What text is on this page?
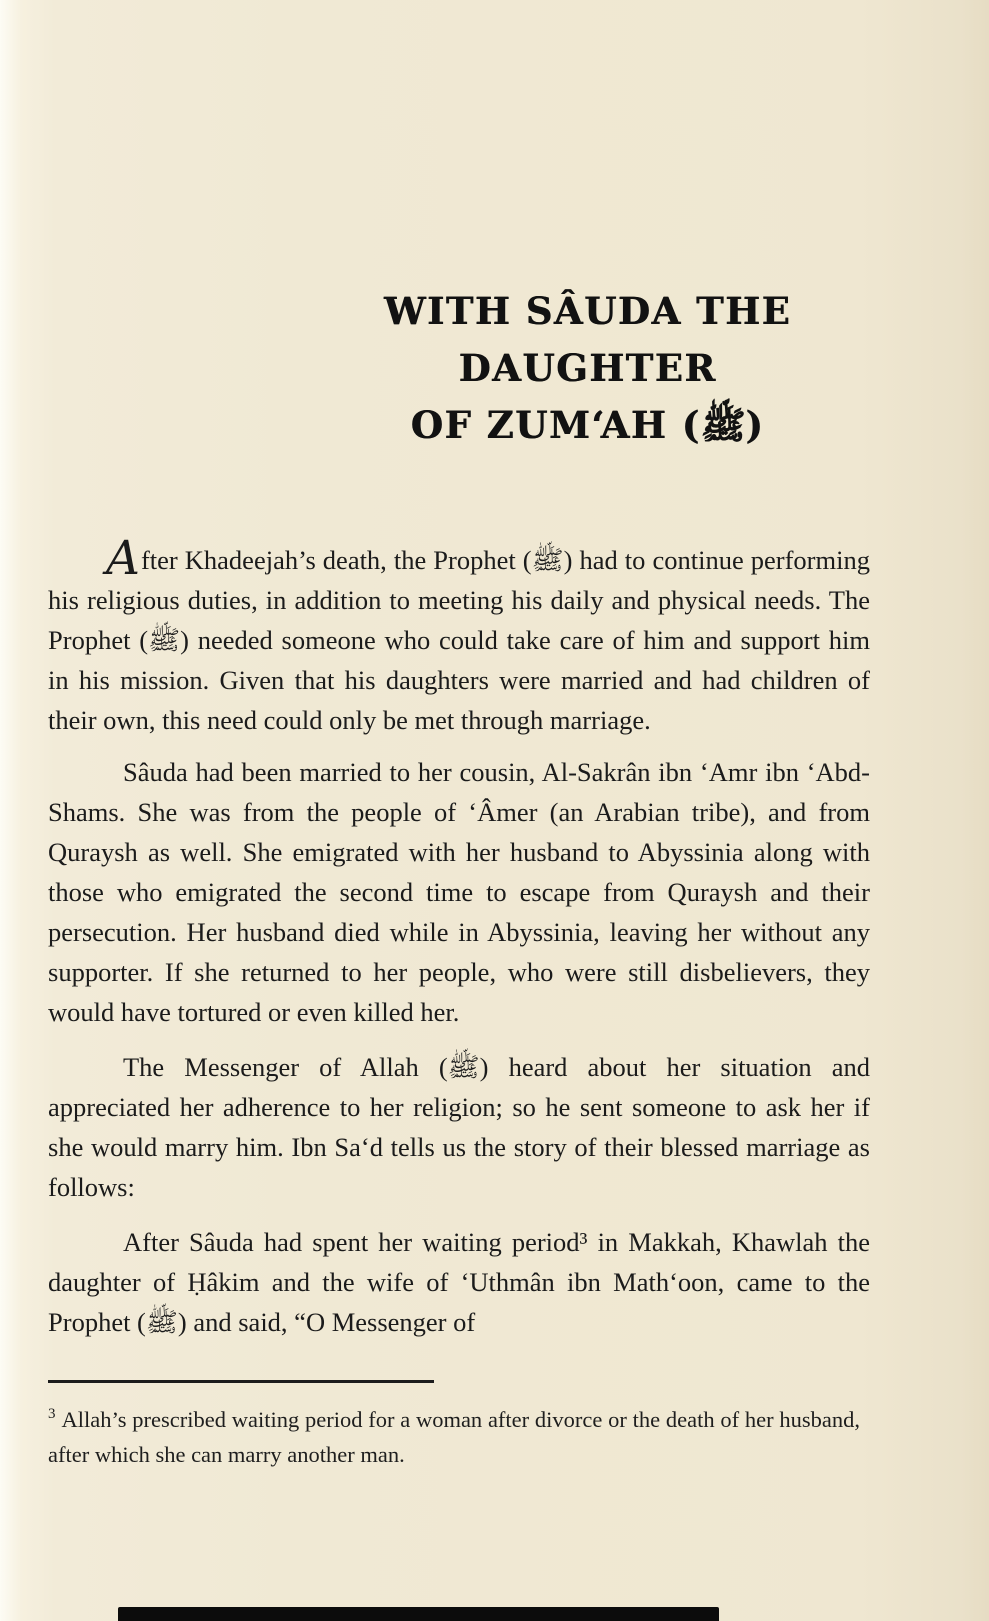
WITH SÂUDA THE DAUGHTER
OF ZUM‘AH (ﷺ)

After Khadeejah’s death, the Prophet (ﷺ) had to continue performing his religious duties, in addition to meeting his daily and physical needs. The Prophet (ﷺ) needed someone who could take care of him and support him in his mission. Given that his daughters were married and had children of their own, this need could only be met through marriage.

Sâuda had been married to her cousin, Al-Sakrân ibn ‘Amr ibn ‘Abd-Shams. She was from the people of ‘Âmer (an Arabian tribe), and from Quraysh as well. She emigrated with her husband to Abyssinia along with those who emigrated the second time to escape from Quraysh and their persecution. Her husband died while in Abyssinia, leaving her without any supporter. If she returned to her people, who were still disbelievers, they would have tortured or even killed her.

The Messenger of Allah (ﷺ) heard about her situation and appreciated her adherence to her religion; so he sent someone to ask her if she would marry him. Ibn Sa‘d tells us the story of their blessed marriage as follows:

After Sâuda had spent her waiting period³ in Makkah, Khawlah the daughter of Ḥâkim and the wife of ‘Uthmân ibn Math‘oon, came to the Prophet (ﷺ) and said, “O Messenger of

$^3$ Allah’s prescribed waiting period for a woman after divorce or the death of her husband, after which she can marry another man.
